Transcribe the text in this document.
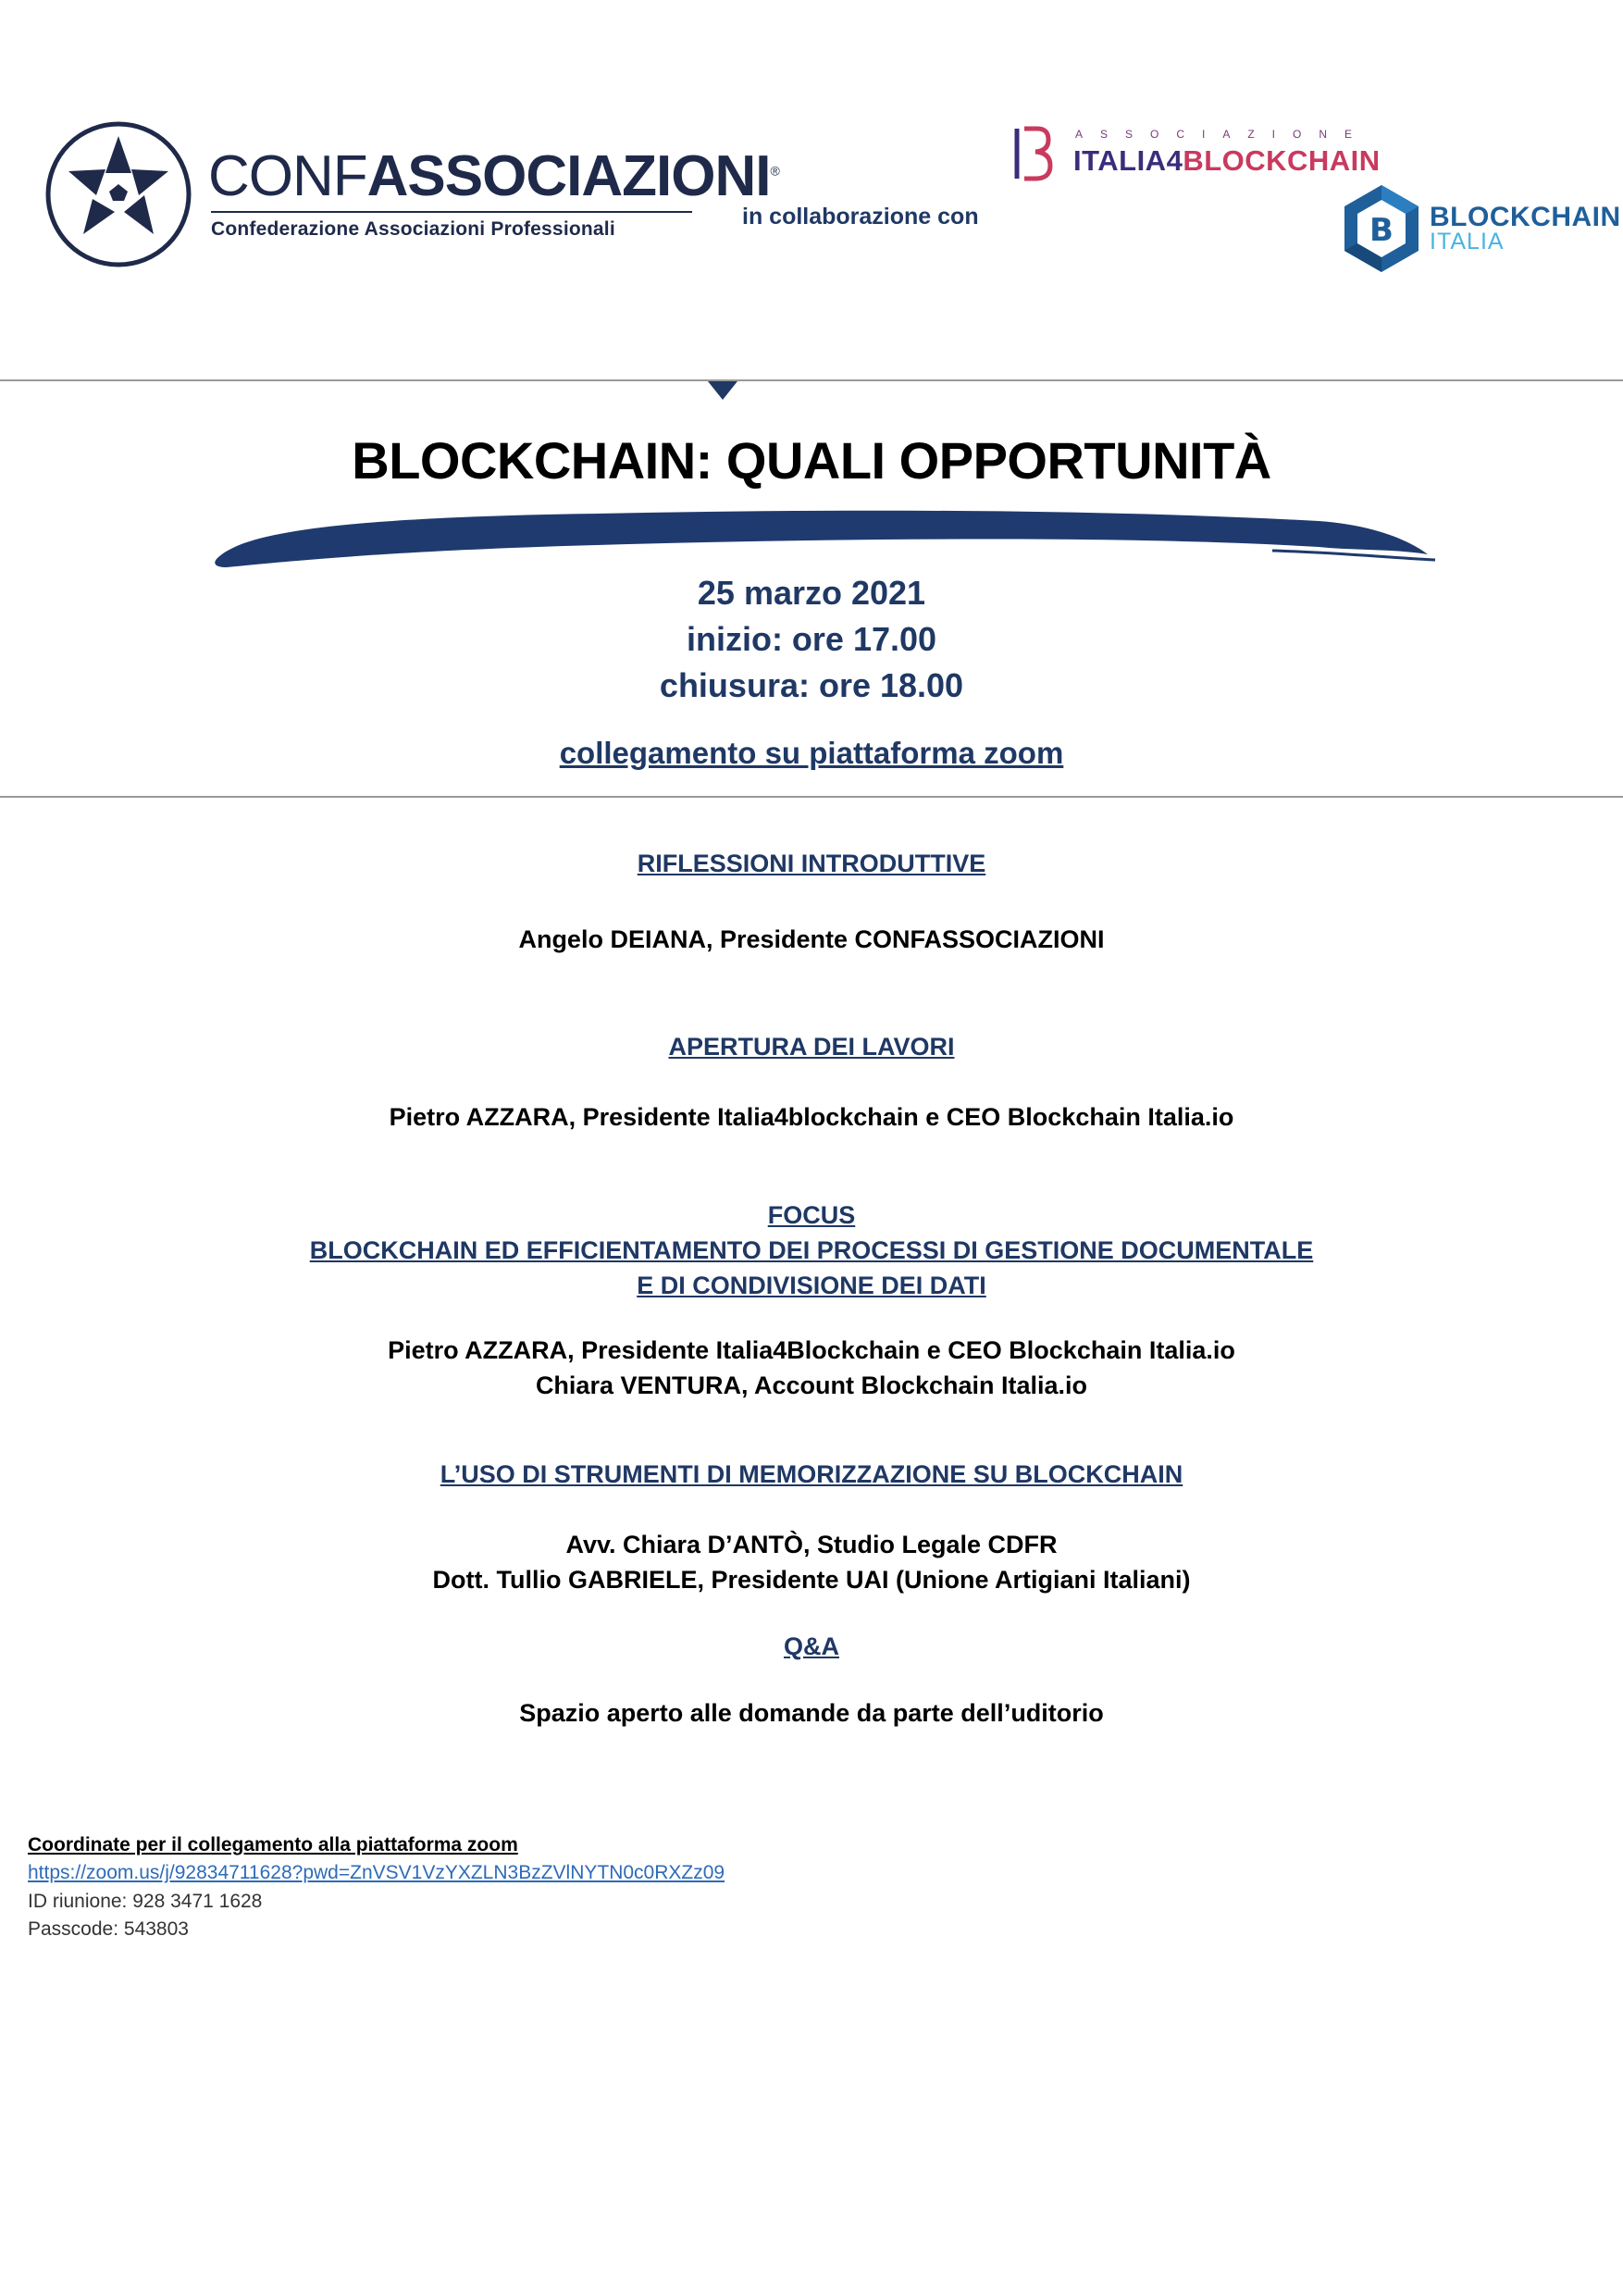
CONFASSOCIAZIONI®
Confederazione Associazioni Professionali	in collaborazione con
ASSOCIAZIONE
ITALIA4BLOCKCHAIN
B BLOCKCHAIN
ITALIA
BLOCKCHAIN: QUALI OPPORTUNITÀ
25 marzo 2021
inizio: ore 17.00
chiusura: ore 18.00
collegamento su piattaforma zoom
RIFLESSIONI INTRODUTTIVE
Angelo DEIANA, Presidente CONFASSOCIAZIONI
APERTURA DEI LAVORI
Pietro AZZARA, Presidente Italia4blockchain e CEO Blockchain Italia.io
FOCUS
BLOCKCHAIN ED EFFICIENTAMENTO DEI PROCESSI DI GESTIONE DOCUMENTALE
E DI CONDIVISIONE DEI DATI
Pietro AZZARA, Presidente Italia4Blockchain e CEO Blockchain Italia.io
Chiara VENTURA, Account Blockchain Italia.io
L’USO DI STRUMENTI DI MEMORIZZAZIONE SU BLOCKCHAIN
Avv. Chiara D’ANTÒ, Studio Legale CDFR
Dott. Tullio GABRIELE, Presidente UAI (Unione Artigiani Italiani)
Q&A
Spazio aperto alle domande da parte dell’uditorio
Coordinate per il collegamento alla piattaforma zoom
https://zoom.us/j/92834711628?pwd=ZnVSV1VzYXZLN3BzZVlNYTN0c0RXZz09
ID riunione: 928 3471 1628
Passcode: 543803
